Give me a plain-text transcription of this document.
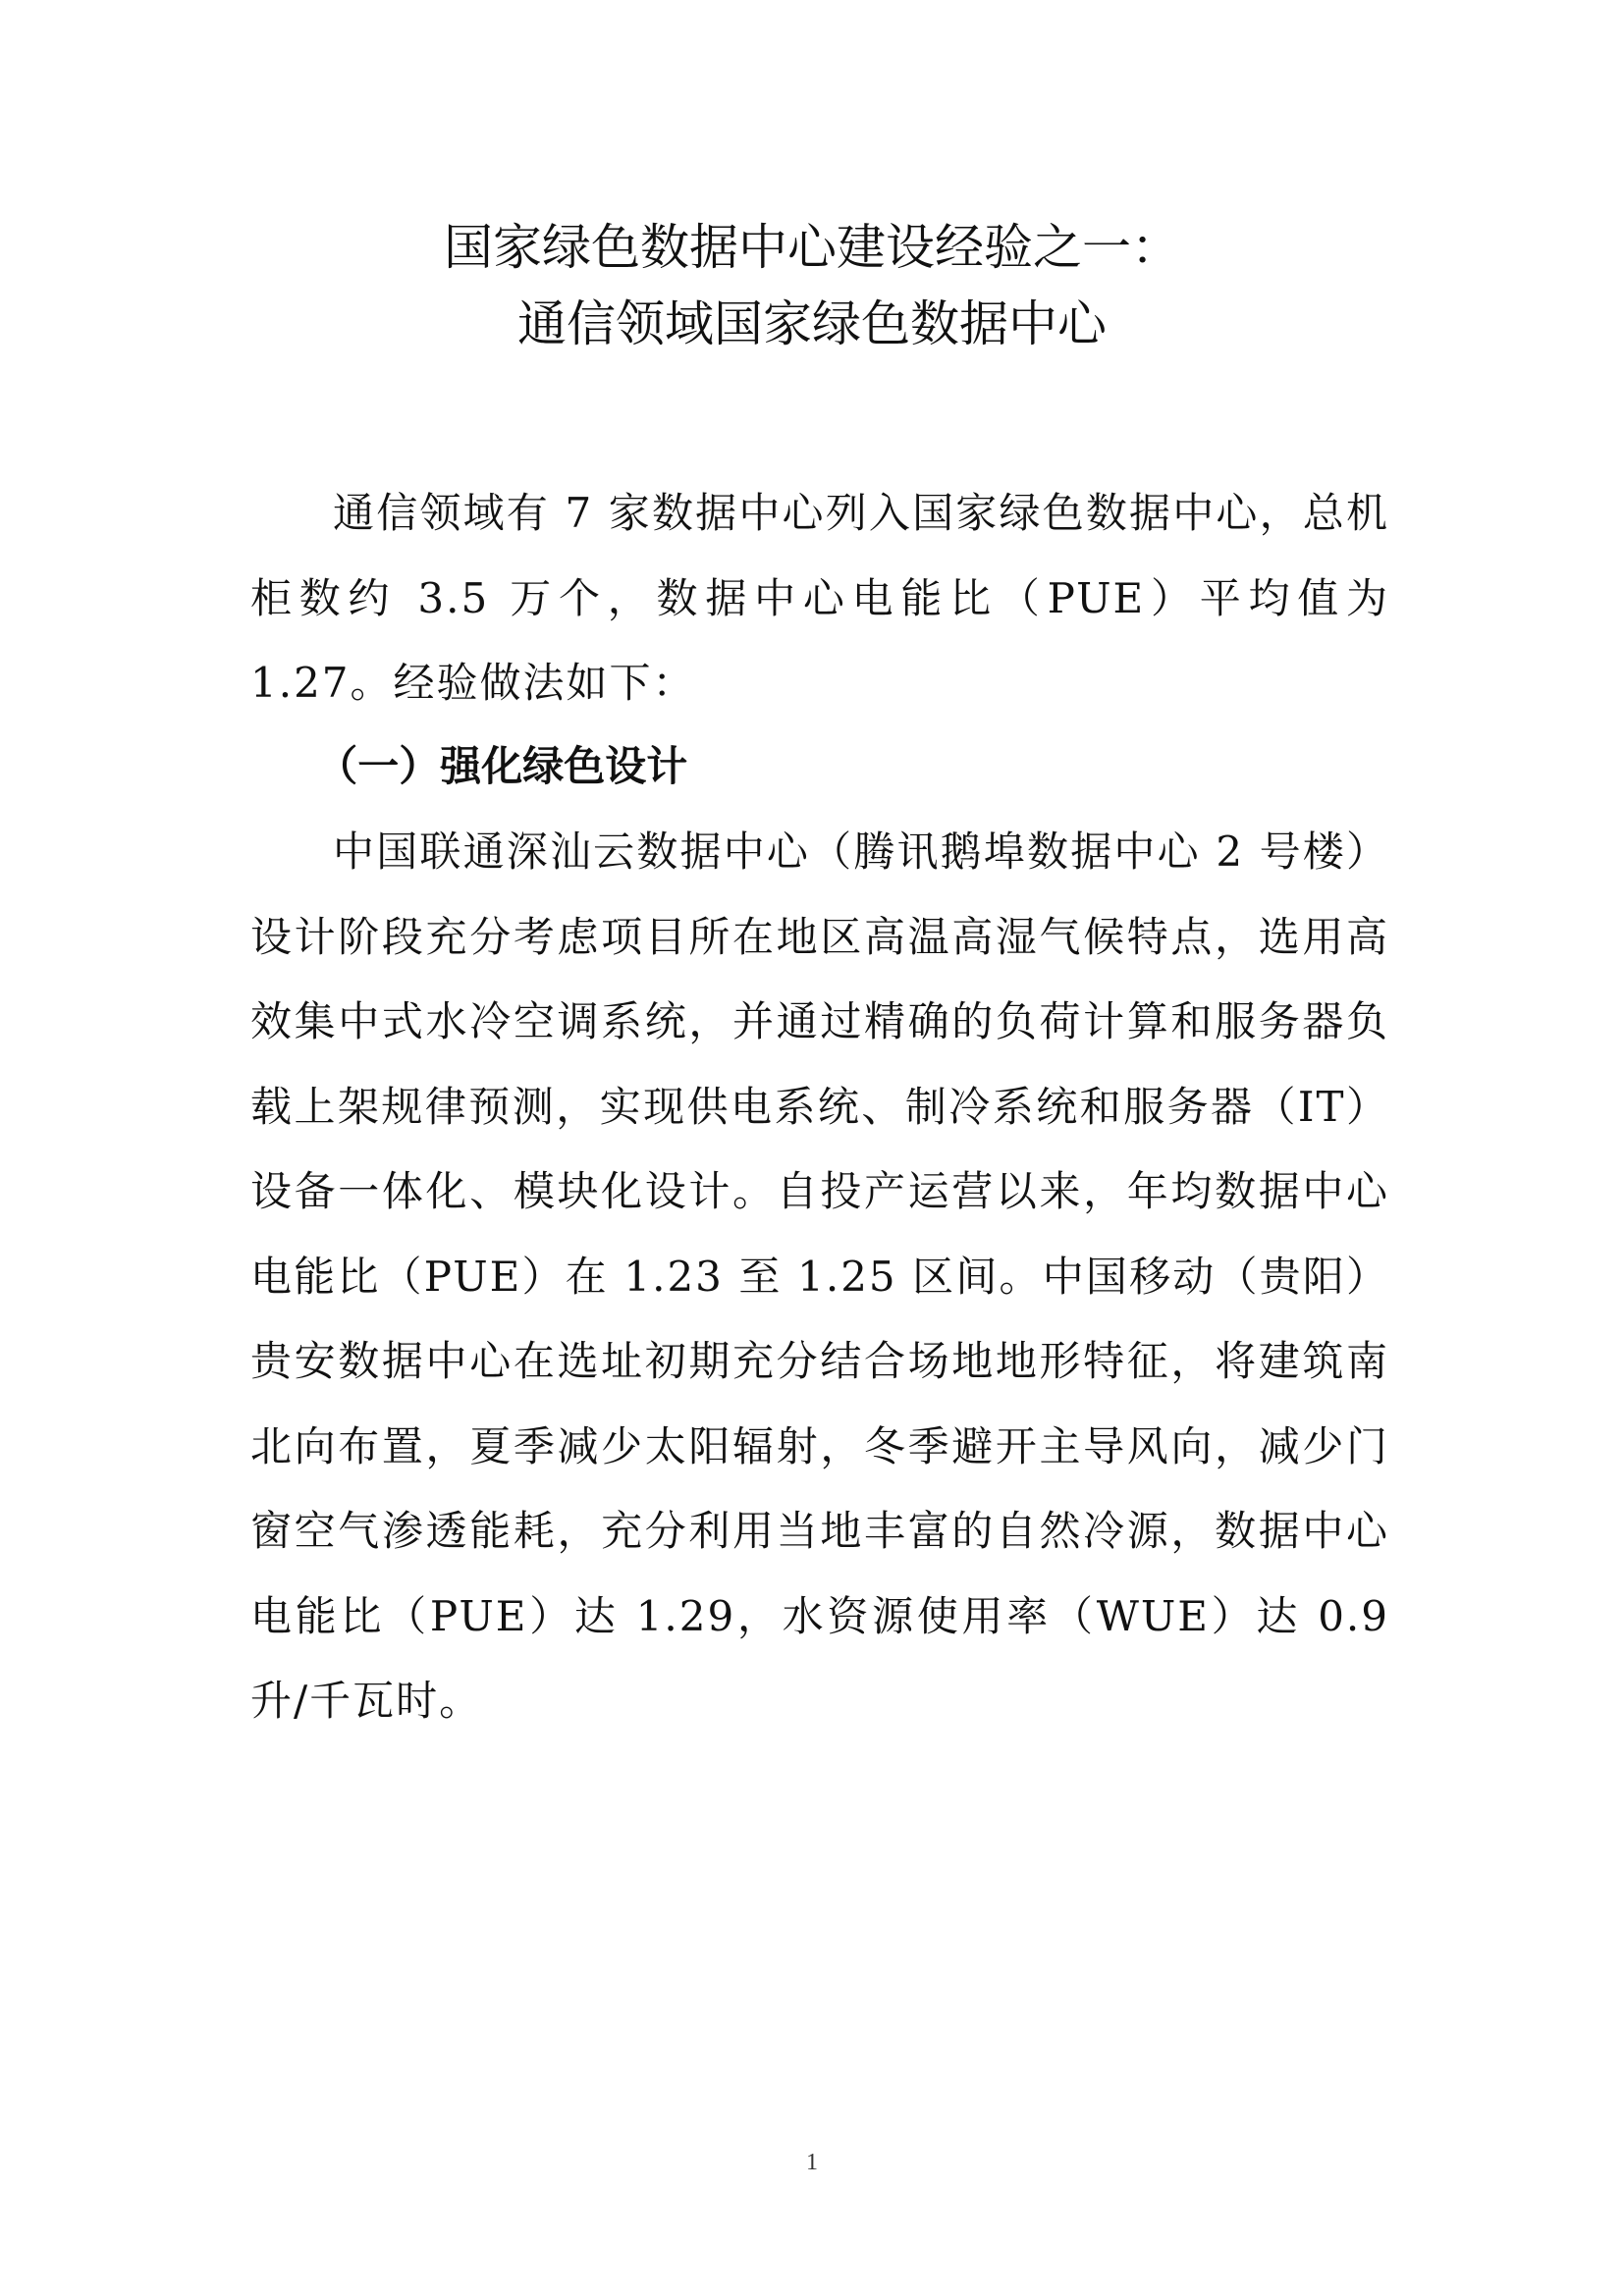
国家绿色数据中心建设经验之一：
通信领域国家绿色数据中心

通信领域有 7 家数据中心列入国家绿色数据中心，总机柜数约 3.5 万个，数据中心电能比（PUE）平均值为 1.27。经验做法如下：

（一）强化绿色设计

中国联通深汕云数据中心（腾讯鹅埠数据中心 2 号楼）设计阶段充分考虑项目所在地区高温高湿气候特点，选用高效集中式水冷空调系统，并通过精确的负荷计算和服务器负载上架规律预测，实现供电系统、制冷系统和服务器（IT）设备一体化、模块化设计。自投产运营以来，年均数据中心电能比（PUE）在 1.23 至 1.25 区间。中国移动（贵阳）贵安数据中心在选址初期充分结合场地地形特征，将建筑南北向布置，夏季减少太阳辐射，冬季避开主导风向，减少门窗空气渗透能耗，充分利用当地丰富的自然冷源，数据中心电能比（PUE）达 1.29，水资源使用率（WUE）达 0.9 升/千瓦时。

1
